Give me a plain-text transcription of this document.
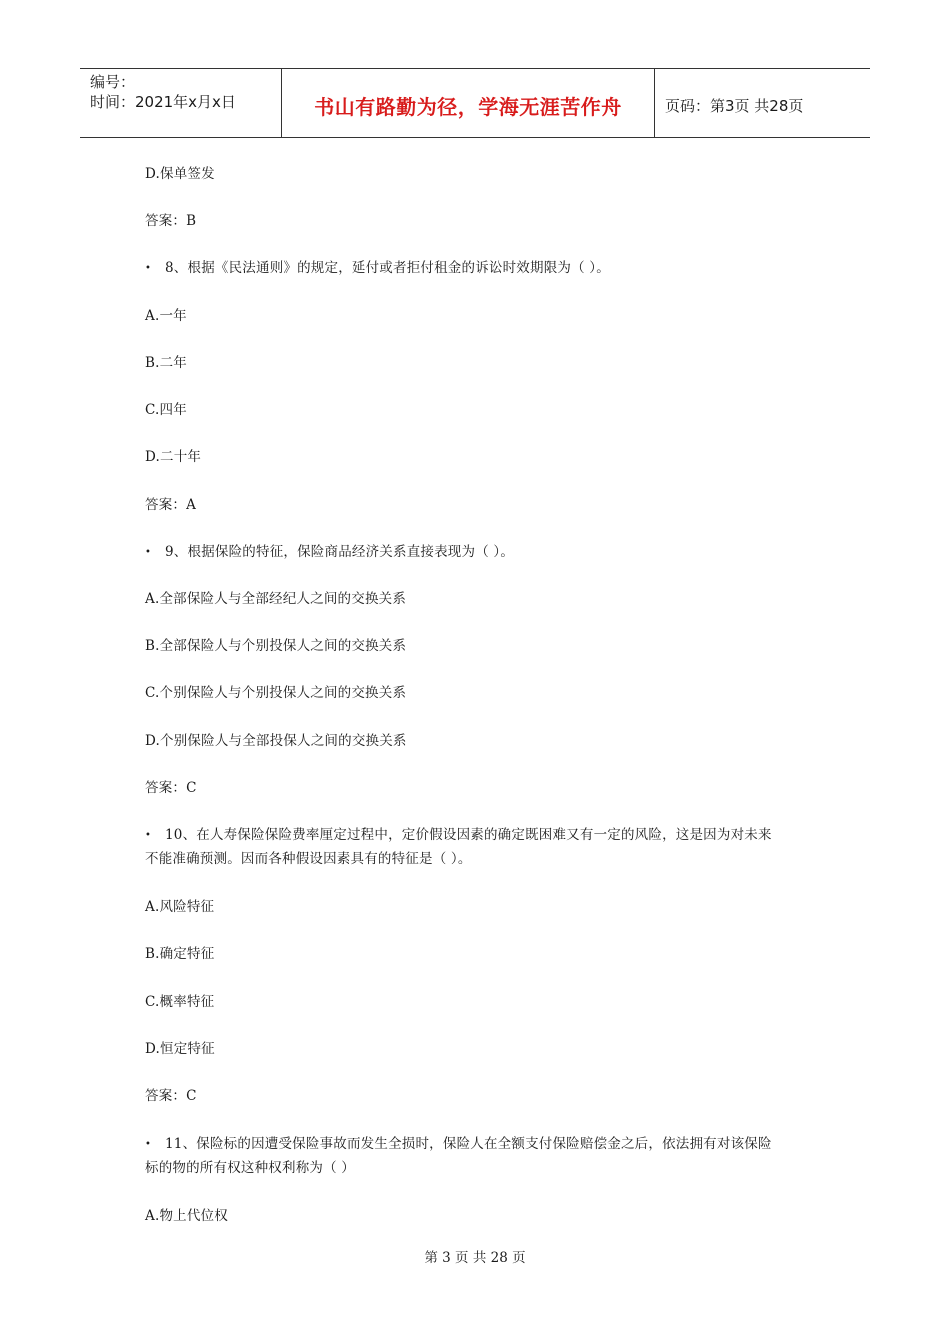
编号：
时间：2021年x月x日	书山有路勤为径，学海无涯苦作舟	页码：第3页 共28页
D.保单签发
答案：B
• 8、根据《民法通则》的规定，延付或者拒付租金的诉讼时效期限为（ ）。
A.一年
B.二年
C.四年
D.二十年
答案：A
• 9、根据保险的特征，保险商品经济关系直接表现为（ ）。
A.全部保险人与全部经纪人之间的交换关系
B.全部保险人与个别投保人之间的交换关系
C.个别保险人与个别投保人之间的交换关系
D.个别保险人与全部投保人之间的交换关系
答案：C
• 10、在人寿保险保险费率厘定过程中，定价假设因素的确定既困难又有一定的风险，这是因为对未来
不能准确预测。因而各种假设因素具有的特征是（ ）。
A.风险特征
B.确定特征
C.概率特征
D.恒定特征
答案：C
• 11、保险标的因遭受保险事故而发生全损时，保险人在全额支付保险赔偿金之后，依法拥有对该保险
标的物的所有权这种权利称为（ ）
A.物上代位权
第 3 页 共 28 页
